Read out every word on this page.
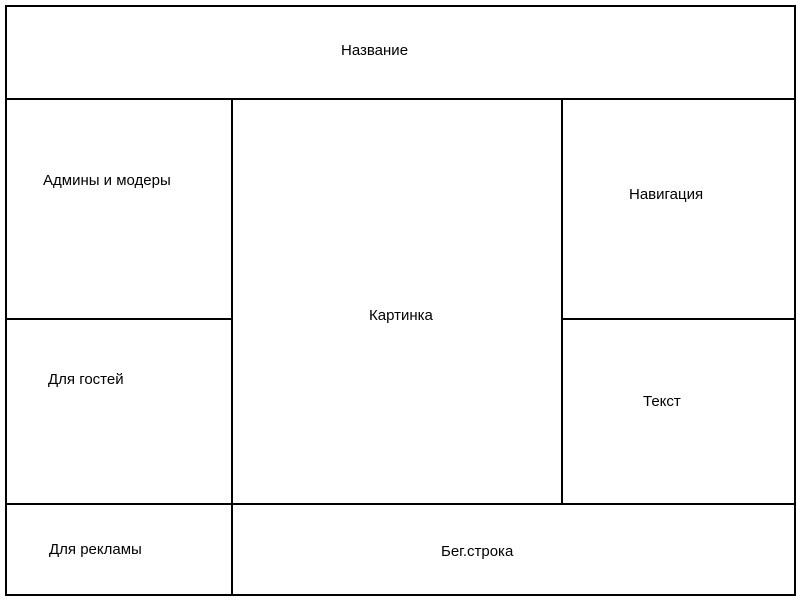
Название
Админы и модеры
Для гостей
Для рекламы
Картинка
Навигация
Текст
Бег.строка
